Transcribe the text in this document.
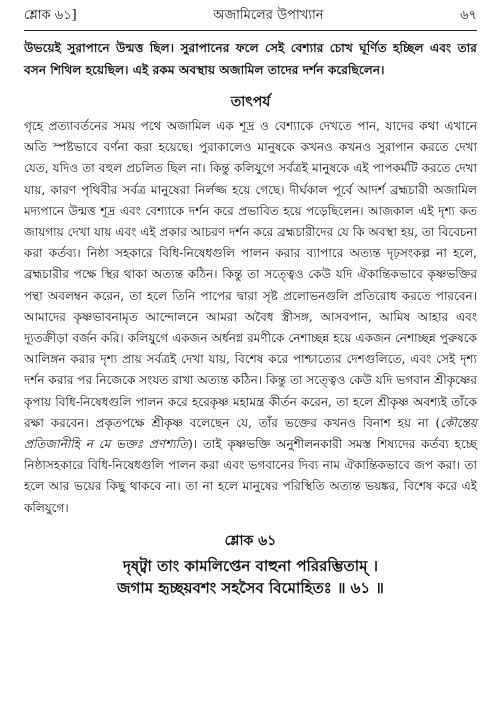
শ্লোক ৬১]	অজামিলের উপাখ্যান	৬৭

উভয়েই সুরাপানে উন্মত্ত ছিল। সুরাপানের ফলে সেই বেশ্যার চোখ ঘূর্ণিত হচ্ছিল এবং তার বসন শিথিল হয়েছিল। এই রকম অবস্থায় অজামিল তাদের দর্শন করেছিলেন।

তাৎপর্য

গৃহে প্রত্যাবর্তনের সময় পথে অজামিল এক শূদ্র ও বেশ্যাকে দেখতে পান, যাদের কথা এখানে অতি স্পষ্টভাবে বর্ণনা করা হয়েছে। পুরাকালেও মানুষকে কখনও কখনও সুরাপান করতে দেখা যেত, যদিও তা বহুল প্রচলিত ছিল না। কিন্তু কলিযুগে সর্বত্রই মানুষকে এই পাপকর্মটি করতে দেখা যায়, কারণ পৃথিবীর সর্বত্র মানুষেরা নির্লজ্জ হয়ে গেছে। দীর্ঘকাল পূর্বে আদর্শ ব্রহ্মচারী অজামিল মদ্যপানে উন্মত্ত শূদ্র এবং বেশ্যাকে দর্শন করে প্রভাবিত হয়ে পড়েছিলেন। আজকাল এই দৃশ্য কত জায়গায় দেখা যায় এবং এই প্রকার আচরণ দর্শন করে ব্রহ্মচারীদের যে কি অবস্থা হয়, তা বিবেচনা করা কর্তব্য। নিষ্ঠা সহকারে বিধি-নিষেধগুলি পালন করার ব্যাপারে অত্যন্ত দৃঢ়সংকল্প না হলে, ব্রহ্মচারীর পক্ষে স্থির থাকা অত্যন্ত কঠিন। কিন্তু তা সত্ত্বেও কেউ যদি ঐকান্তিকভাবে কৃষ্ণভক্তির পন্থা অবলম্বন করেন, তা হলে তিনি পাপের দ্বারা সৃষ্ট প্রলোভনগুলি প্রতিরোধ করতে পারবেন। আমাদের কৃষ্ণভাবনামৃত আন্দোলনে আমরা অবৈধ স্ত্রীসঙ্গ, আসবপান, আমিষ আহার এবং দ্যূতক্রীড়া বর্জন করি। কলিযুগে একজন অর্ধনগ্ন রমণীকে নেশাচ্ছন্ন হয়ে একজন নেশাচ্ছন্ন পুরুষকে আলিঙ্গন করার দৃশ্য প্রায় সর্বত্রই দেখা যায়, বিশেষ করে পাশ্চাত্যের দেশগুলিতে, এবং সেই দৃশ্য দর্শন করার পর নিজেকে সংযত রাখা অত্যন্ত কঠিন। কিন্তু তা সত্ত্বেও কেউ যদি ভগবান শ্রীকৃষ্ণের কৃপায় বিধি-নিষেধগুলি পালন করে হরেকৃষ্ণ মহামন্ত্র কীর্তন করেন, তা হলে শ্রীকৃষ্ণ অবশ্যই তাঁকে রক্ষা করবেন। প্রকৃতপক্ষে শ্রীকৃষ্ণ বলেছেন যে, তাঁর ভক্তের কখনও বিনাশ হয় না (কৌন্তেয় প্রতিজানীহি ন মে ভক্তঃ প্রণশ্যতি)। তাই কৃষ্ণভক্তি অনুশীলনকারী সমস্ত শিষ্যদের কর্তব্য হচ্ছে নিষ্ঠাসহকারে বিধি-নিষেধগুলি পালন করা এবং ভগবানের দিব্য নাম ঐকান্তিকভাবে জপ করা। তা হলে আর ভয়ের কিছু থাকবে না। তা না হলে মানুষের পরিস্থিতি অত্যন্ত ভয়ঙ্কর, বিশেষ করে এই কলিযুগে।

শ্লোক ৬১

দৃষ্ট্বা তাং কামলিপ্তেন বাহুনা পরিরম্ভিতাম্ ।

জগাম হৃচ্ছয়বশং সহসৈব বিমোহিতঃ ॥ ৬১ ॥
